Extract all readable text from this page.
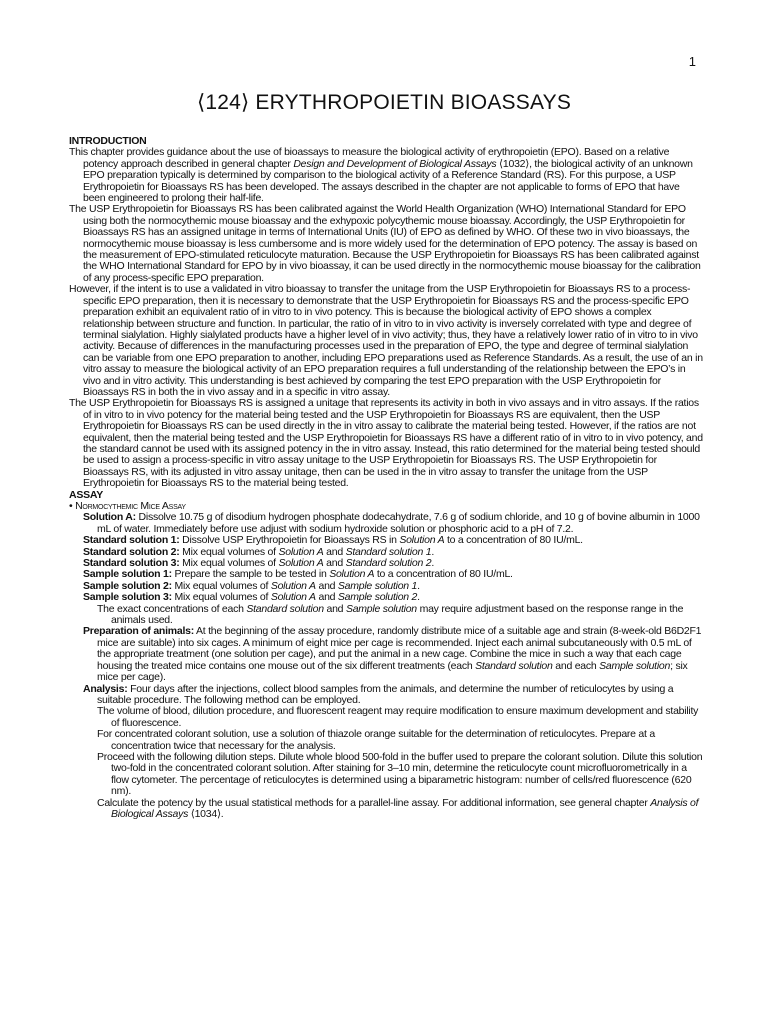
1
⟨124⟩ ERYTHROPOIETIN BIOASSAYS

INTRODUCTION

This chapter provides guidance about the use of bioassays to measure the biological activity of erythropoietin (EPO). Based on a relative potency approach described in general chapter Design and Development of Biological Assays ⟨1032⟩, the biological activity of an unknown EPO preparation typically is determined by comparison to the biological activity of a Reference Standard (RS). For this purpose, a USP Erythropoietin for Bioassays RS has been developed. The assays described in the chapter are not applicable to forms of EPO that have been engineered to prolong their half-life.

The USP Erythropoietin for Bioassays RS has been calibrated against the World Health Organization (WHO) International Standard for EPO using both the normocythemic mouse bioassay and the exhypoxic polycythemic mouse bioassay. Accordingly, the USP Erythropoietin for Bioassays RS has an assigned unitage in terms of International Units (IU) of EPO as defined by WHO. Of these two in vivo bioassays, the normocythemic mouse bioassay is less cumbersome and is more widely used for the determination of EPO potency. The assay is based on the measurement of EPO-stimulated reticulocyte maturation. Because the USP Erythropoietin for Bioassays RS has been calibrated against the WHO International Standard for EPO by in vivo bioassay, it can be used directly in the normocythemic mouse bioassay for the calibration of any process-specific EPO preparation.

However, if the intent is to use a validated in vitro bioassay to transfer the unitage from the USP Erythropoietin for Bioassays RS to a process-specific EPO preparation, then it is necessary to demonstrate that the USP Erythropoietin for Bioassays RS and the process-specific EPO preparation exhibit an equivalent ratio of in vitro to in vivo potency. This is because the biological activity of EPO shows a complex relationship between structure and function. In particular, the ratio of in vitro to in vivo activity is inversely correlated with type and degree of terminal sialylation. Highly sialylated products have a higher level of in vivo activity; thus, they have a relatively lower ratio of in vitro to in vivo activity. Because of differences in the manufacturing processes used in the preparation of EPO, the type and degree of terminal sialylation can be variable from one EPO preparation to another, including EPO preparations used as Reference Standards. As a result, the use of an in vitro assay to measure the biological activity of an EPO preparation requires a full understanding of the relationship between the EPO’s in vivo and in vitro activity. This understanding is best achieved by comparing the test EPO preparation with the USP Erythropoietin for Bioassays RS in both the in vivo assay and in a specific in vitro assay.

The USP Erythropoietin for Bioassays RS is assigned a unitage that represents its activity in both in vivo assays and in vitro assays. If the ratios of in vitro to in vivo potency for the material being tested and the USP Erythropoietin for Bioassays RS are equivalent, then the USP Erythropoietin for Bioassays RS can be used directly in the in vitro assay to calibrate the material being tested. However, if the ratios are not equivalent, then the material being tested and the USP Erythropoietin for Bioassays RS have a different ratio of in vitro to in vivo potency, and the standard cannot be used with its assigned potency in the in vitro assay. Instead, this ratio determined for the material being tested should be used to assign a process-specific in vitro assay unitage to the USP Erythropoietin for Bioassays RS. The USP Erythropoietin for Bioassays RS, with its adjusted in vitro assay unitage, then can be used in the in vitro assay to transfer the unitage from the USP Erythropoietin for Bioassays RS to the material being tested.

ASSAY

• Normocythemic Mice Assay

Solution A: Dissolve 10.75 g of disodium hydrogen phosphate dodecahydrate, 7.6 g of sodium chloride, and 10 g of bovine albumin in 1000 mL of water. Immediately before use adjust with sodium hydroxide solution or phosphoric acid to a pH of 7.2.

Standard solution 1: Dissolve USP Erythropoietin for Bioassays RS in Solution A to a concentration of 80 IU/mL.

Standard solution 2: Mix equal volumes of Solution A and Standard solution 1.

Standard solution 3: Mix equal volumes of Solution A and Standard solution 2.

Sample solution 1: Prepare the sample to be tested in Solution A to a concentration of 80 IU/mL.

Sample solution 2: Mix equal volumes of Solution A and Sample solution 1.

Sample solution 3: Mix equal volumes of Solution A and Sample solution 2.

The exact concentrations of each Standard solution and Sample solution may require adjustment based on the response range in the animals used.

Preparation of animals: At the beginning of the assay procedure, randomly distribute mice of a suitable age and strain (8-week-old B6D2F1 mice are suitable) into six cages. A minimum of eight mice per cage is recommended. Inject each animal subcutaneously with 0.5 mL of the appropriate treatment (one solution per cage), and put the animal in a new cage. Combine the mice in such a way that each cage housing the treated mice contains one mouse out of the six different treatments (each Standard solution and each Sample solution; six mice per cage).

Analysis: Four days after the injections, collect blood samples from the animals, and determine the number of reticulocytes by using a suitable procedure. The following method can be employed.

The volume of blood, dilution procedure, and fluorescent reagent may require modification to ensure maximum development and stability of fluorescence.

For concentrated colorant solution, use a solution of thiazole orange suitable for the determination of reticulocytes. Prepare at a concentration twice that necessary for the analysis.

Proceed with the following dilution steps. Dilute whole blood 500-fold in the buffer used to prepare the colorant solution. Dilute this solution two-fold in the concentrated colorant solution. After staining for 3–10 min, determine the reticulocyte count microfluorometrically in a flow cytometer. The percentage of reticulocytes is determined using a biparametric histogram: number of cells/red fluorescence (620 nm).

Calculate the potency by the usual statistical methods for a parallel-line assay. For additional information, see general chapter Analysis of Biological Assays ⟨1034⟩.
